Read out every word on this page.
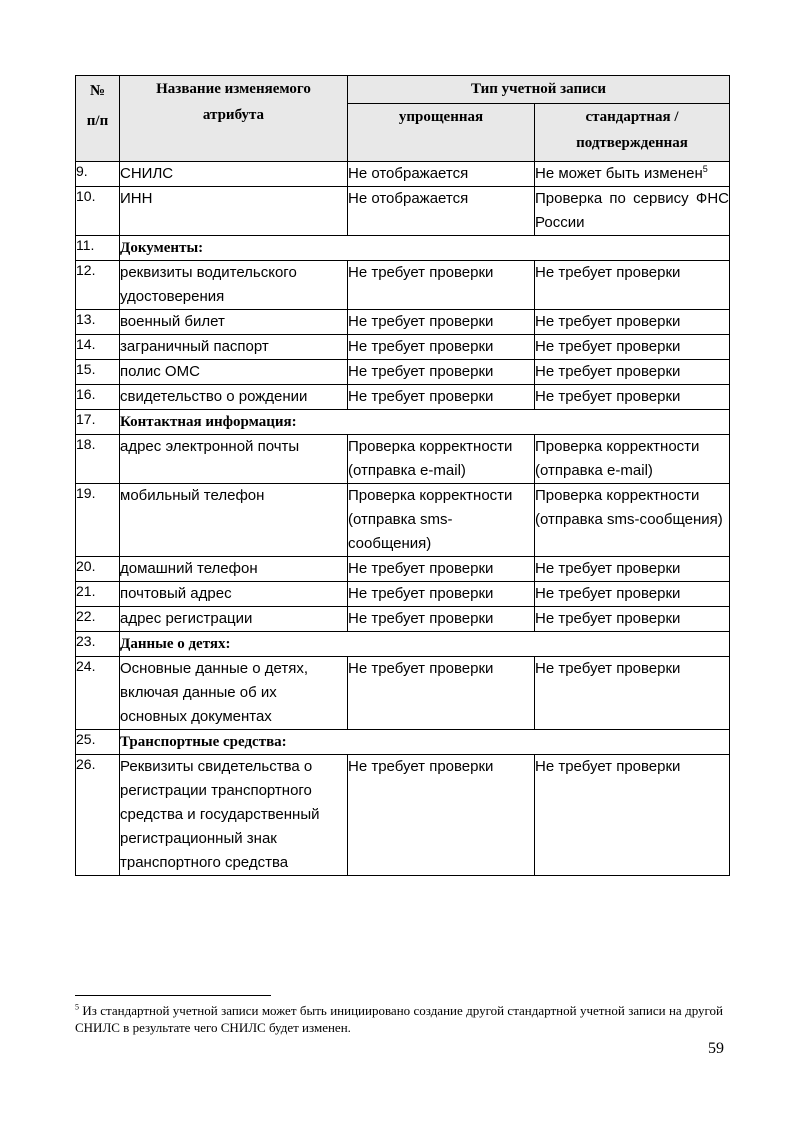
№
п/п	Название изменяемого атрибута	Тип учетной записи	
		упрощенная	стандартная / подтвержденная
9.	СНИЛС	Не отображается	Не может быть изменен$^5$
10.	ИНН	Не отображается	Проверка по сервису ФНС России
11.	Документы:		
12.	реквизиты водительского удостоверения	Не требует проверки	Не требует проверки
13.	военный билет	Не требует проверки	Не требует проверки
14.	заграничный паспорт	Не требует проверки	Не требует проверки
15.	полис ОМС	Не требует проверки	Не требует проверки
16.	свидетельство о рождении	Не требует проверки	Не требует проверки
17.	Контактная информация:		
18.	адрес электронной почты	Проверка корректности (отправка e-mail)	Проверка корректности (отправка e-mail)
19.	мобильный телефон	Проверка корректности (отправка sms-сообщения)	Проверка корректности (отправка sms-сообщения)
20.	домашний телефон	Не требует проверки	Не требует проверки
21.	почтовый адрес	Не требует проверки	Не требует проверки
22.	адрес регистрации	Не требует проверки	Не требует проверки
23.	Данные о детях:		
24.	Основные данные о детях, включая данные об их основных документах	Не требует проверки	Не требует проверки
25.	Транспортные средства:		
26.	Реквизиты свидетельства о регистрации транспортного средства и государственный регистрационный знак транспортного средства	Не требует проверки	Не требует проверки
$^5$ Из стандартной учетной записи может быть инициировано создание другой стандартной учетной записи на другой СНИЛС в результате чего СНИЛС будет изменен.
59
